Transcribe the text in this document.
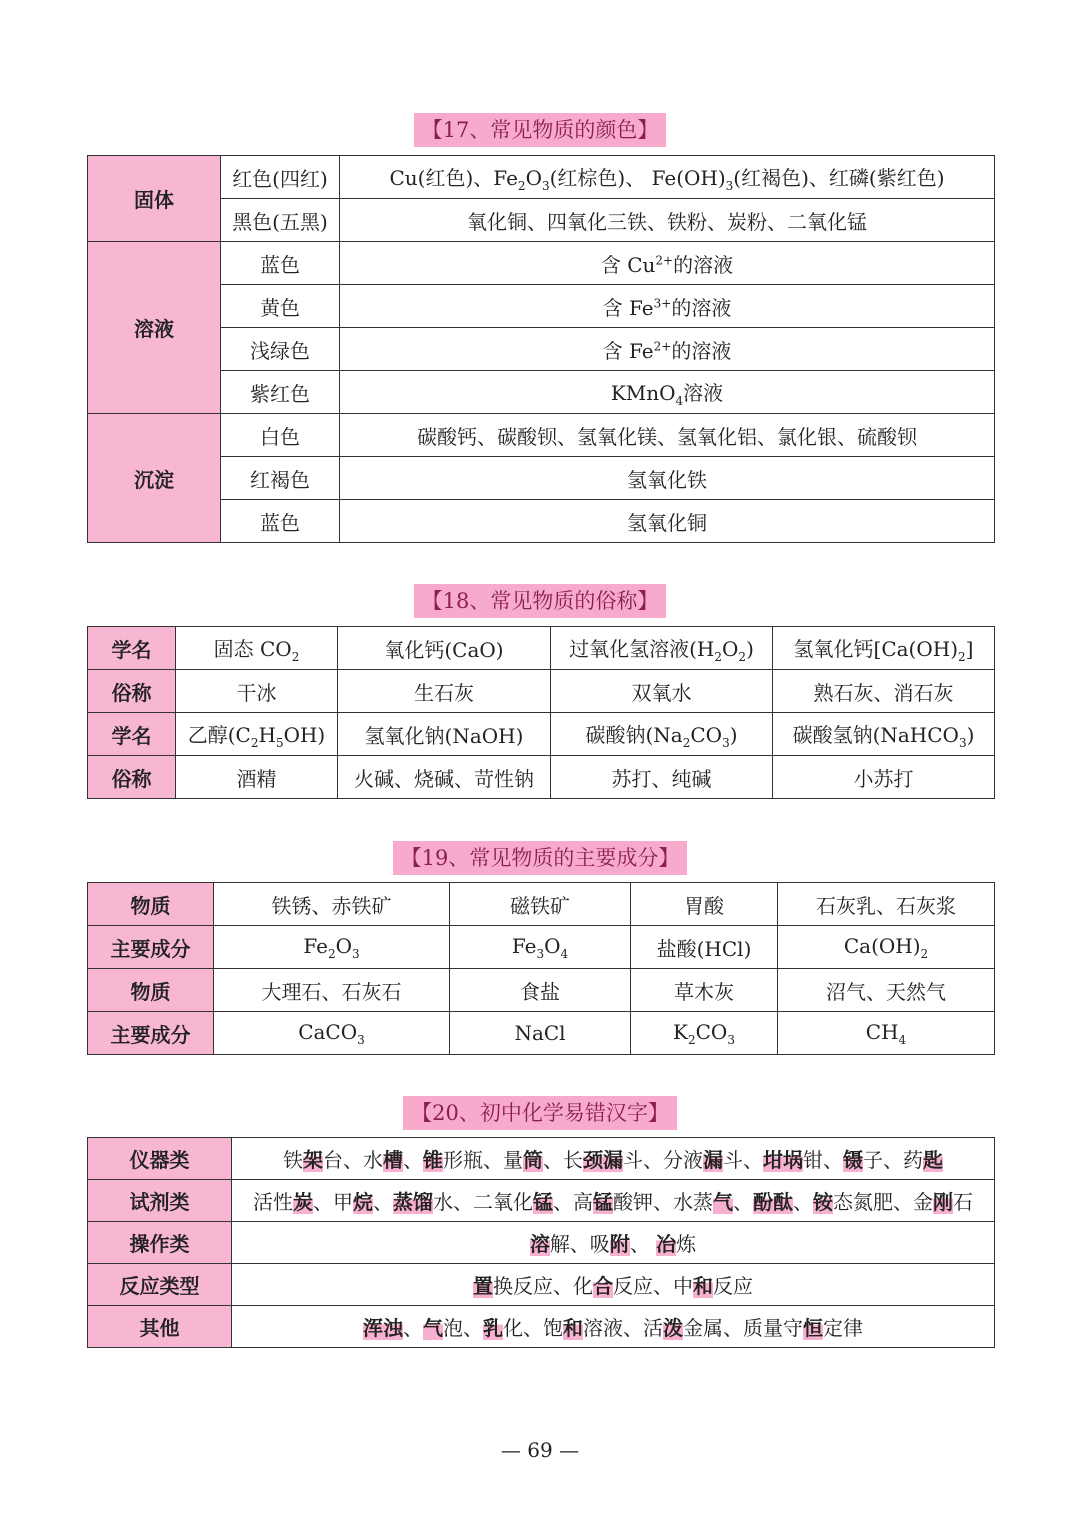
【17、常见物质的颜色】
固体	红色(四红)	Cu(红色)、$Fe_2O_3$(红棕色)、 $Fe(OH)_3$(红褐色)、红磷(紫红色)
	黑色(五黑)	氧化铜、四氧化三铁、铁粉、炭粉、二氧化锰
溶液	蓝色	含 $Cu^{2+}$的溶液
	黄色	含 $Fe^{3+}$的溶液
	浅绿色	含 $Fe^{2+}$的溶液
	紫红色	KMnO$_4$溶液
沉淀	白色	碳酸钙、碳酸钡、氢氧化镁、氢氧化铝、氯化银、硫酸钡
	红褐色	氢氧化铁
	蓝色	氢氧化铜
【18、常见物质的俗称】
学名	固态 $CO_2$	氧化钙(CaO)	过氧化氢溶液$(H_2O_2)$	氢氧化钙$[Ca(OH)_2]$
俗称	干冰	生石灰	双氧水	熟石灰、消石灰
学名	乙醇$(C_2H_5OH)$	氢氧化钠(NaOH)	碳酸钠$(Na_2CO_3)$	碳酸氢钠(NaHCO$_3$)
俗称	酒精	火碱、烧碱、苛性钠	苏打、纯碱	小苏打
【19、常见物质的主要成分】
物质	铁锈、赤铁矿	磁铁矿	胃酸	石灰乳、石灰浆
主要成分	$Fe_2O_3$	$Fe_3O_4$	盐酸(HCl)	$Ca(OH)_2$
物质	大理石、石灰石	食盐	草木灰	沼气、天然气
主要成分	CaCO$_3$	NaCl	$K_2CO_3$	$CH_4$
【20、初中化学易错汉字】
仪器类	铁架台、水槽、锥形瓶、量筒、长颈漏斗、分液漏斗、坩埚钳、镊子、药匙
试剂类	活性炭、甲烷、蒸馏水、二氧化锰、高锰酸钾、水蒸气、酚酞、铵态氮肥、金刚石
操作类	溶解、吸附、 冶炼
反应类型	置换反应、化合反应、中和反应
其他	浑浊、气泡、乳化、饱和溶液、活泼金属、质量守恒定律
— 69 —
